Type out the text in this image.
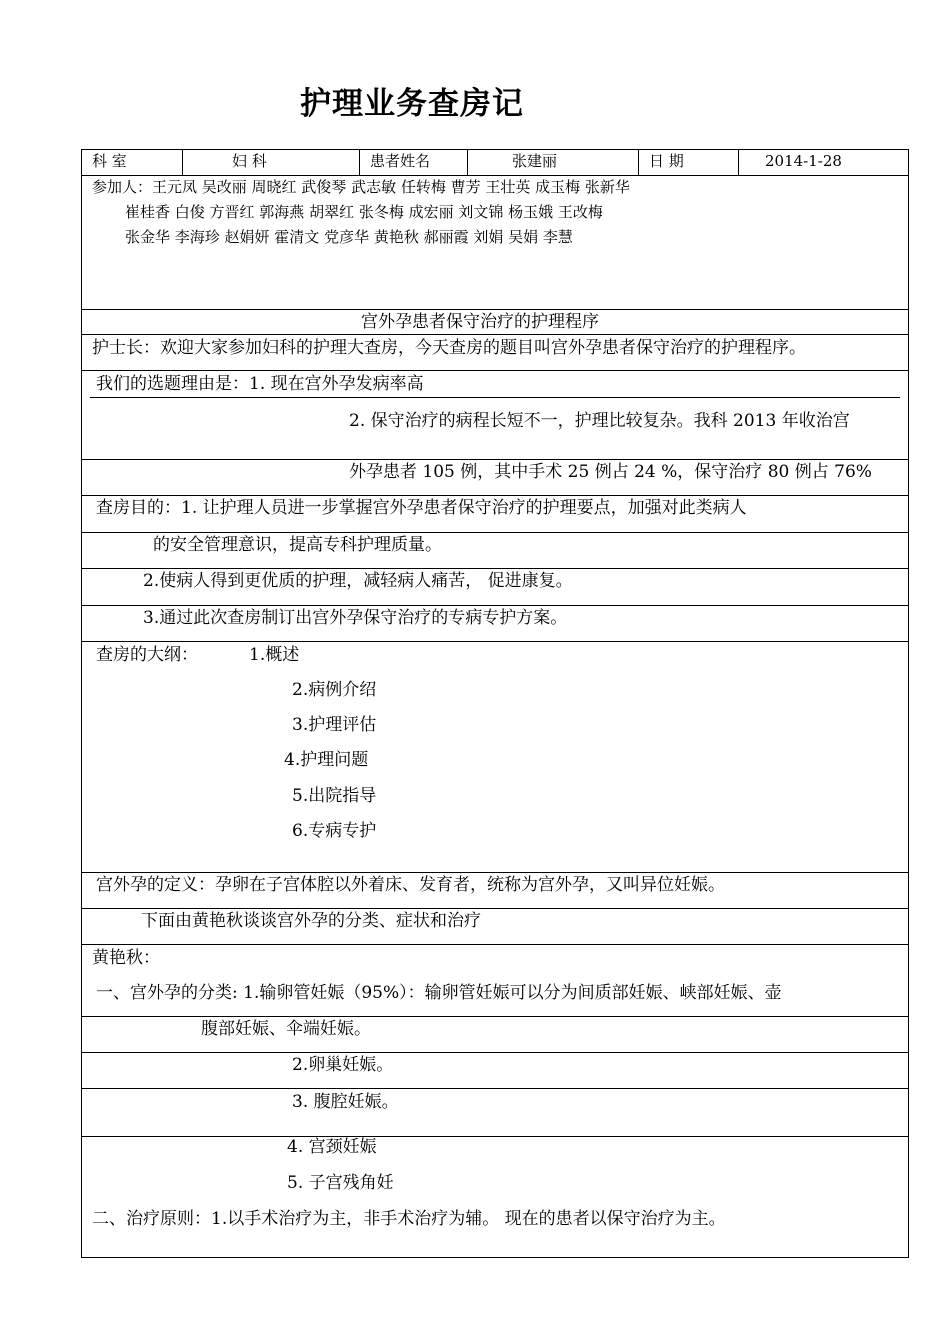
护理业务查房记
科 室	妇 科	患者姓名	张建丽	日 期	2014-1-28
参加人：王元凤 吴改丽 周晓红 武俊琴 武志敏 任转梅 曹芳 王壮英 成玉梅 张新华
崔桂香 白俊 方晋红 郭海燕 胡翠红 张冬梅 成宏丽 刘文锦 杨玉娥 王改梅
张金华 李海珍 赵娟妍 霍清文 党彦华 黄艳秋 郝丽霞 刘娟 吴娟 李慧
宫外孕患者保守治疗的护理程序
护士长：欢迎大家参加妇科的护理大查房，今天查房的题目叫宫外孕患者保守治疗的护理程序。
我们的选题理由是：1. 现在宫外孕发病率高
2. 保守治疗的病程长短不一，护理比较复杂。我科 2013 年收治宫
外孕患者 105 例，其中手术 25 例占 24 %，保守治疗 80 例占 76%
查房目的：1. 让护理人员进一步掌握宫外孕患者保守治疗的护理要点，加强对此类病人
的安全管理意识，提高专科护理质量。
2.使病人得到更优质的护理，减轻病人痛苦， 促进康复。
3.通过此次查房制订出宫外孕保守治疗的专病专护方案。
查房的大纲：	1.概述
2.病例介绍
3.护理评估
4.护理问题
5.出院指导
6.专病专护
宫外孕的定义：孕卵在子宫体腔以外着床、发育者，统称为宫外孕，又叫异位妊娠。
下面由黄艳秋谈谈宫外孕的分类、症状和治疗
黄艳秋：
一、宫外孕的分类: 1.输卵管妊娠（95%）：输卵管妊娠可以分为间质部妊娠、峡部妊娠、壶
腹部妊娠、伞端妊娠。
2.卵巢妊娠。
3. 腹腔妊娠。
4. 宫颈妊娠
5. 子宫残角妊
二、治疗原则：1.以手术治疗为主，非手术治疗为辅。 现在的患者以保守治疗为主。
